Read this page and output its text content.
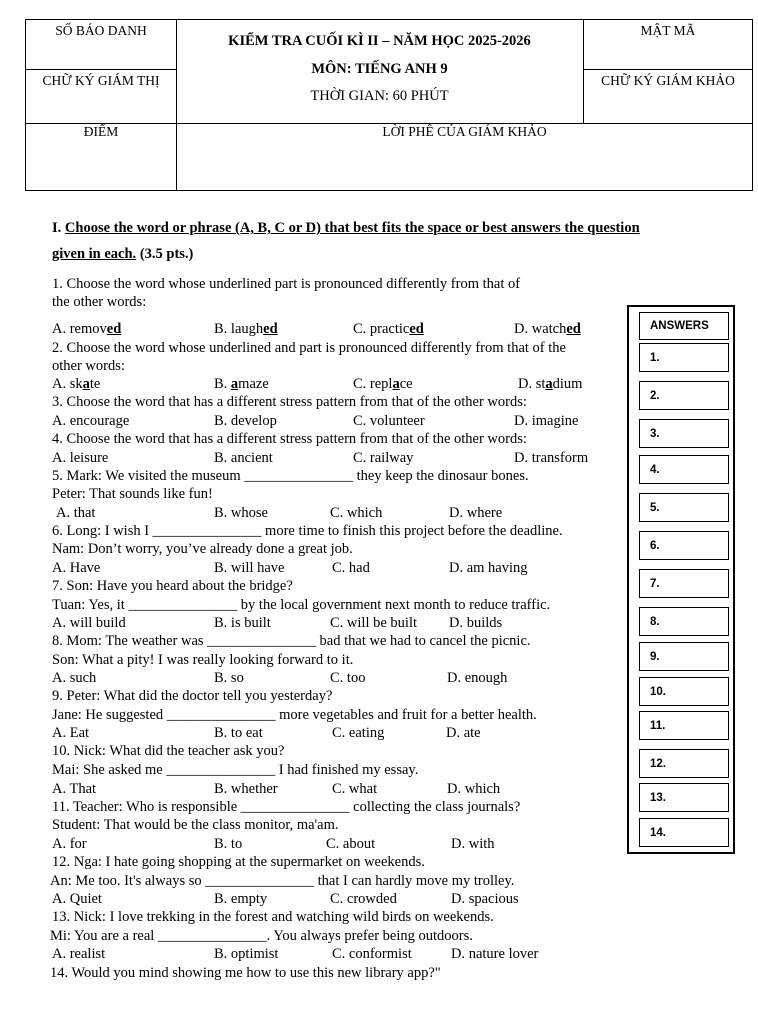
SỐ BÁO DANH
KIỂM TRA CUỐI KÌ II – NĂM HỌC 2025-2026
MẬT MÃ
CHỮ KÝ GIÁM THỊ
MÔN: TIẾNG ANH 9
CHỮ KÝ GIÁM KHẢO
THỜI GIAN: 60 PHÚT
ĐIỂM	LỜI PHÊ CỦA GIÁM KHẢO
I. Choose the word or phrase (A, B, C or D) that best fits the space or best answers the question
given in each. (3.5 pts.)
1. Choose the word whose underlined part is pronounced differently from that of
the other words:
A. removed	B. laughed	C. practiced	D. watched
2. Choose the word whose underlined and part is pronounced differently from that of the
other words:
A. skate	B. amaze	C. replace	D. stadium
3. Choose the word that has a different stress pattern from that of the other words:
A. encourage	B. develop	C. volunteer	D. imagine
4. Choose the word that has a different stress pattern from that of the other words:
A. leisure	B. ancient	C. railway	D. transform
5. Mark: We visited the museum _______________ they keep the dinosaur bones.
Peter: That sounds like fun!
A. that	B. whose	C. which	D. where
6. Long: I wish I _______________ more time to finish this project before the deadline.
Nam: Don’t worry, you’ve already done a great job.
A. Have	B. will have	C. had	D. am having
7. Son: Have you heard about the bridge?
Tuan: Yes, it _______________ by the local government next month to reduce traffic.
A. will build	B. is built	C. will be built D. builds
8. Mom: The weather was _______________ bad that we had to cancel the picnic.
Son: What a pity! I was really looking forward to it.
A. such	B. so	C. too	D. enough
9. Peter: What did the doctor tell you yesterday?
Jane: He suggested _______________ more vegetables and fruit for a better health.
A. Eat	B. to eat	C. eating	D. ate
10. Nick: What did the teacher ask you?
Mai: She asked me _______________ I had finished my essay.
A. That	B. whether	C. what	D. which
11. Teacher: Who is responsible _______________ collecting the class journals?
Student: That would be the class monitor, ma'am.
A. for	B. to	C. about	D. with
12. Nga: I hate going shopping at the supermarket on weekends.
An: Me too. It's always so _______________ that I can hardly move my trolley.
A. Quiet	B. empty	C. crowded	D. spacious
13. Nick: I love trekking in the forest and watching wild birds on weekends.
Mi: You are a real _______________. You always prefer being outdoors.
A. realist	B. optimist	C. conformist	D. nature lover
14. Would you mind showing me how to use this new library app?"
ANSWERS
1.
2.
3.
4.
5.
6.
7.
8.
9.
10.
11.
12.
13.
14.
